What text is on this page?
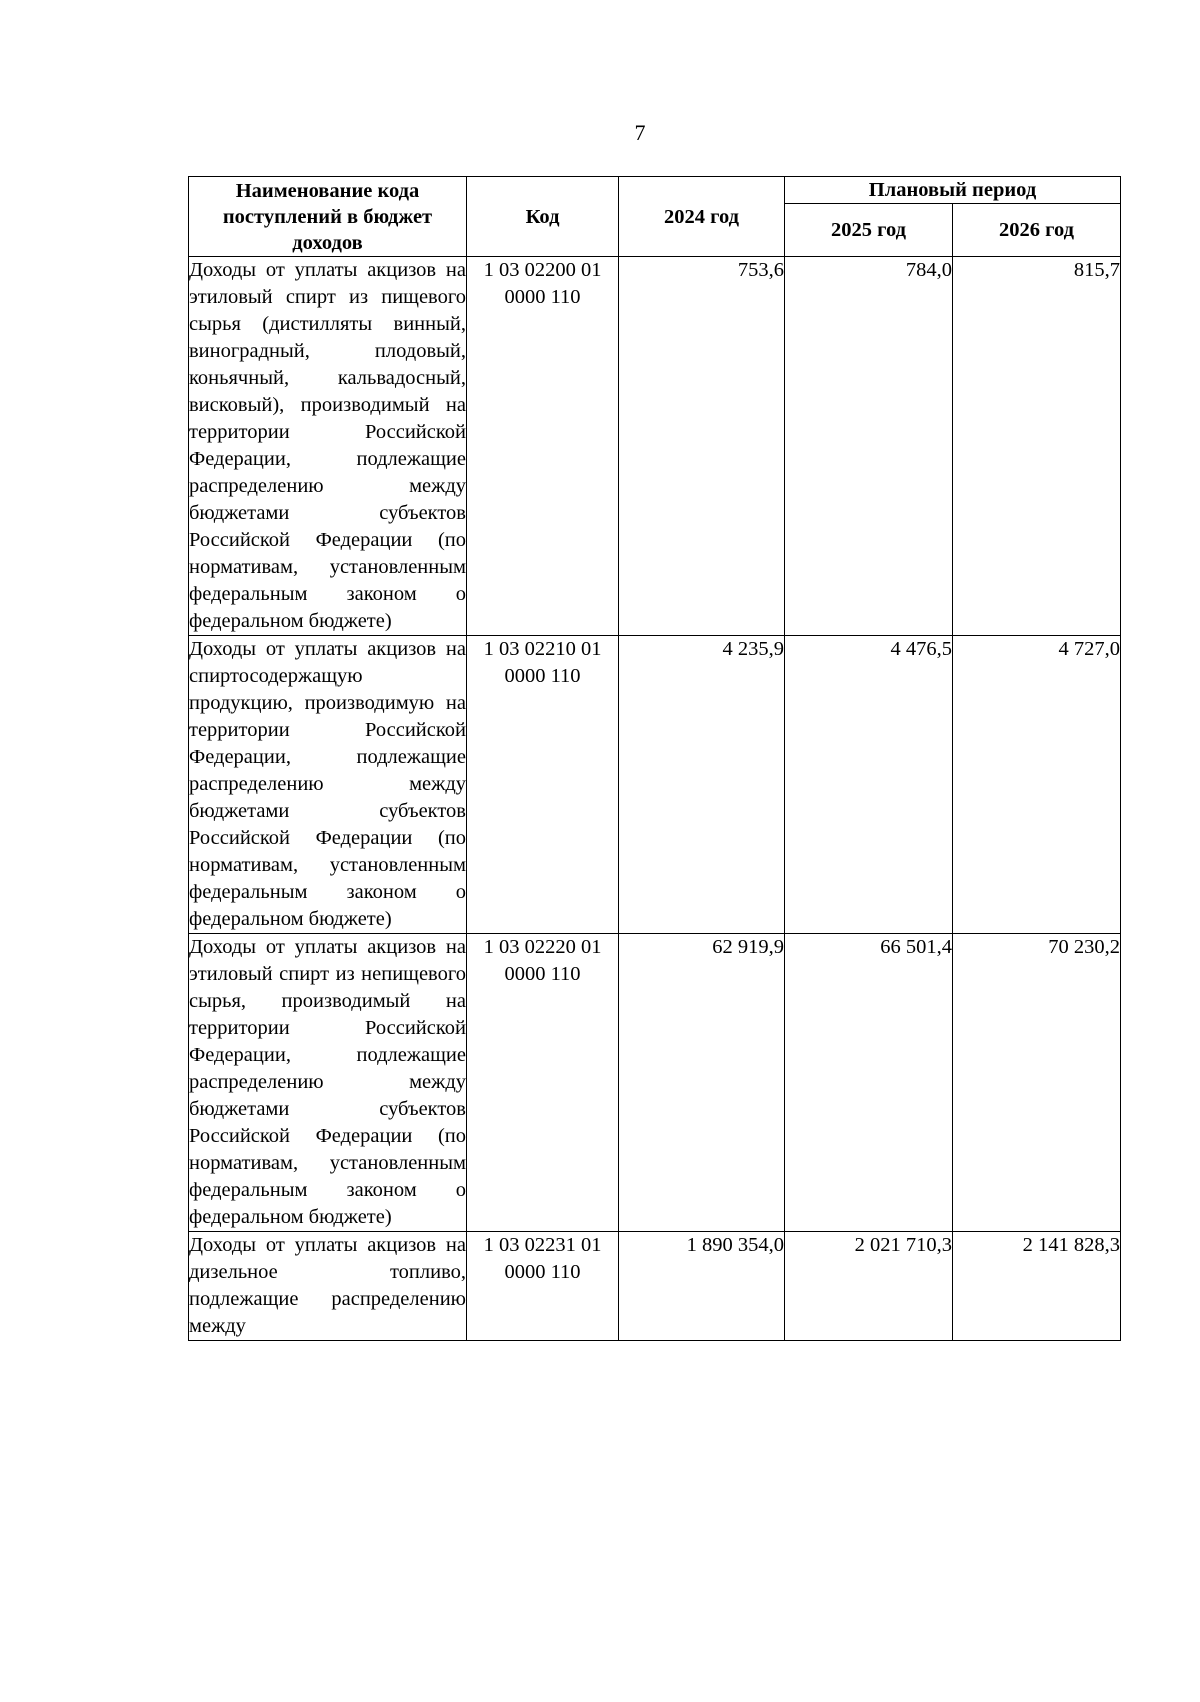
7
Наименование кода поступлений в бюджет доходов	Код	2024 год	Плановый период	
			2025 год	2026 год
Доходы от уплаты акцизов на этиловый спирт из пищевого сырья (дистилляты винный, виноградный, плодовый, коньячный, кальвадосный, висковый), производимый на территории Российской Федерации, подлежащие распределению между бюджетами субъектов Российской Федерации (по нормативам, установленным федеральным законом о федеральном бюджете)	1 03 02200 01 0000 110	753,6	784,0	815,7
Доходы от уплаты акцизов на спиртосодержащую продукцию, производимую на территории Российской Федерации, подлежащие распределению между бюджетами субъектов Российской Федерации (по нормативам, установленным федеральным законом о федеральном бюджете)	1 03 02210 01 0000 110	4 235,9	4 476,5	4 727,0
Доходы от уплаты акцизов на этиловый спирт из непищевого сырья, производимый на территории Российской Федерации, подлежащие распределению между бюджетами субъектов Российской Федерации (по нормативам, установленным федеральным законом о федеральном бюджете)	1 03 02220 01 0000 110	62 919,9	66 501,4	70 230,2
Доходы от уплаты акцизов на дизельное топливо, подлежащие распределению между	1 03 02231 01 0000 110	1 890 354,0	2 021 710,3	2 141 828,3
